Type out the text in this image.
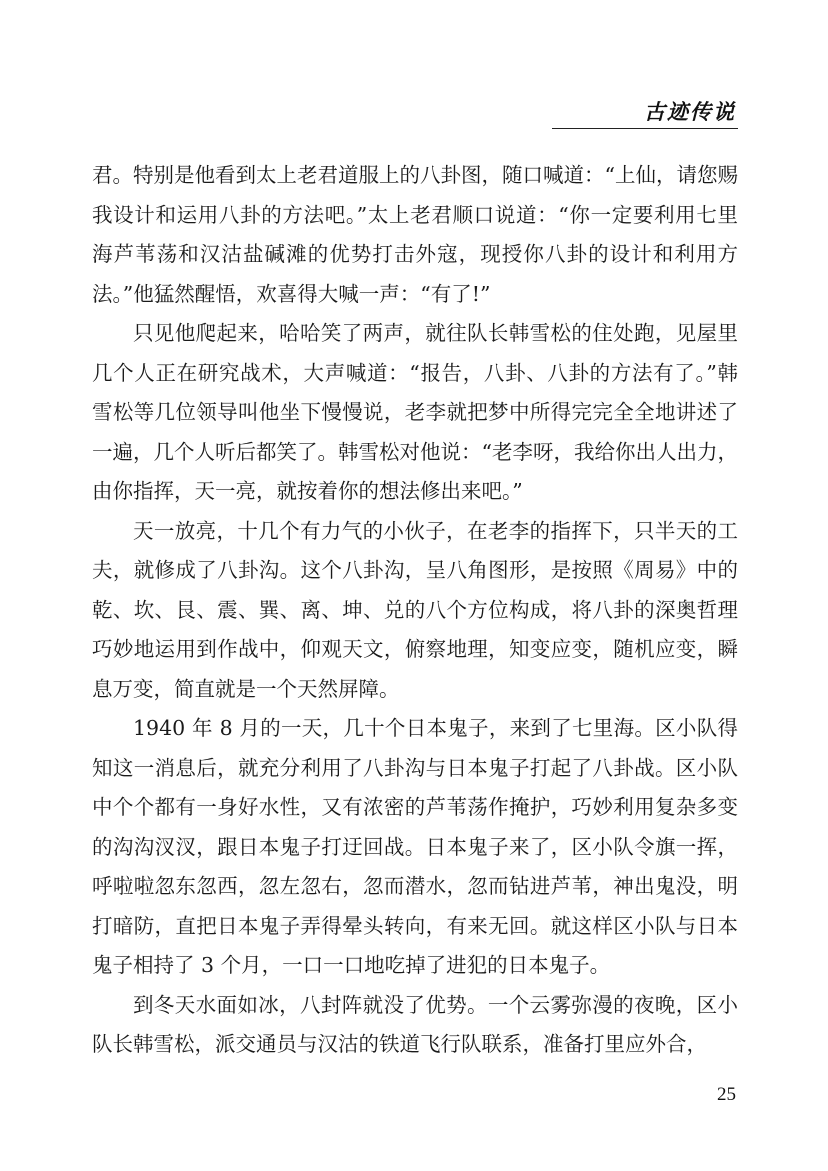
古迹传说

君。特别是他看到太上老君道服上的八卦图，随口喊道：“上仙，请您赐我设计和运用八卦的方法吧。”太上老君顺口说道：“你一定要利用七里海芦苇荡和汉沽盐碱滩的优势打击外寇，现授你八卦的设计和利用方法。”他猛然醒悟，欢喜得大喊一声：“有了!”

只见他爬起来，哈哈笑了两声，就往队长韩雪松的住处跑，见屋里几个人正在研究战术，大声喊道：“报告，八卦、八卦的方法有了。”韩雪松等几位领导叫他坐下慢慢说，老李就把梦中所得完完全全地讲述了一遍，几个人听后都笑了。韩雪松对他说：“老李呀，我给你出人出力，由你指挥，天一亮，就按着你的想法修出来吧。”

天一放亮，十几个有力气的小伙子，在老李的指挥下，只半天的工夫，就修成了八卦沟。这个八卦沟，呈八角图形，是按照《周易》中的乾、坎、艮、震、巽、离、坤、兑的八个方位构成，将八卦的深奥哲理巧妙地运用到作战中，仰观天文，俯察地理，知变应变，随机应变，瞬息万变，简直就是一个天然屏障。

1940 年 8 月的一天，几十个日本鬼子，来到了七里海。区小队得知这一消息后，就充分利用了八卦沟与日本鬼子打起了八卦战。区小队中个个都有一身好水性，又有浓密的芦苇荡作掩护，巧妙利用复杂多变的沟沟汊汊，跟日本鬼子打迂回战。日本鬼子来了，区小队令旗一挥，呼啦啦忽东忽西，忽左忽右，忽而潜水，忽而钻进芦苇，神出鬼没，明打暗防，直把日本鬼子弄得晕头转向，有来无回。就这样区小队与日本鬼子相持了 3 个月，一口一口地吃掉了进犯的日本鬼子。

到冬天水面如冰，八封阵就没了优势。一个云雾弥漫的夜晚，区小队长韩雪松，派交通员与汉沽的铁道飞行队联系，准备打里应外合，

25
